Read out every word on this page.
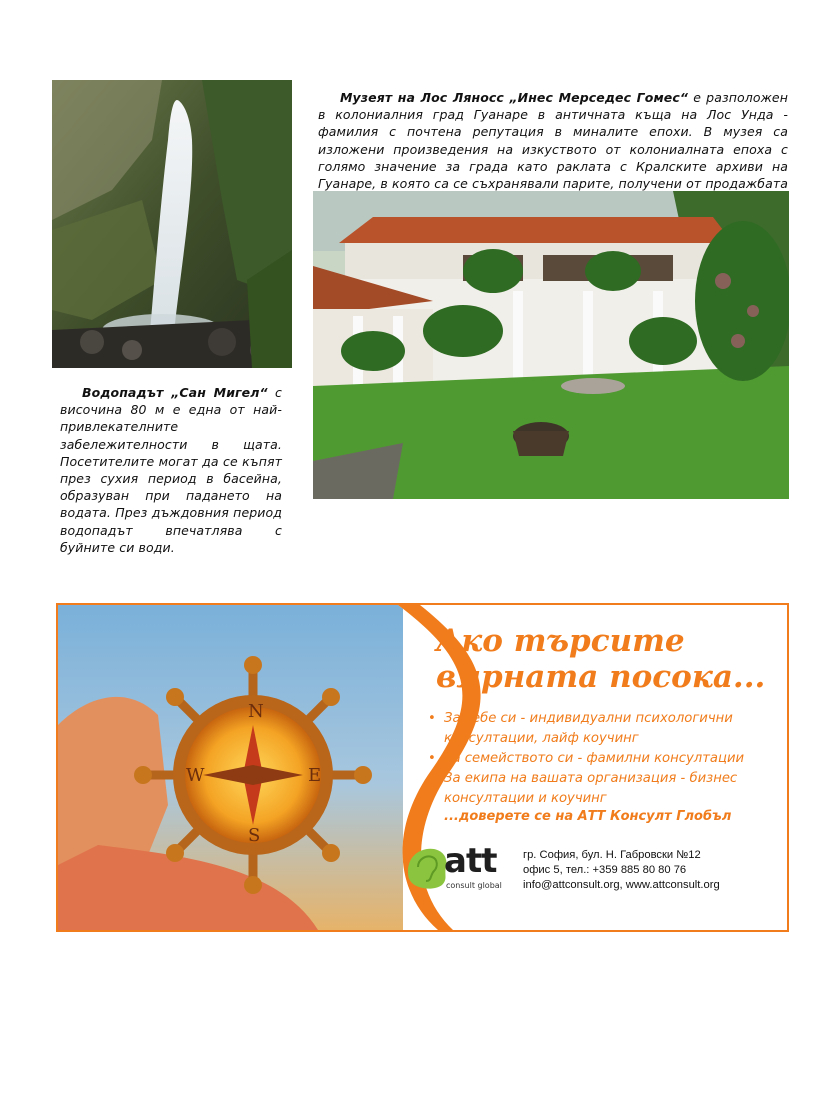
Водопадът „Сан Мигел“ с височина 80 м е една от най-привлекателните забележителности в щата. Посетителите могат да се къпят през сухия период в басейна, образуван при падането на водата. През дъждовния период водопадът впечатлява с буйните си води.
Музеят на Лос Ляносс „Инес Мерседес Гомес“ е разположен в колониалния град Гуанаре в античната къща на Лос Унда - фамилия с почтена репутация в миналите епохи. В музея са изложени произведения на изкуството от колониалната епоха с голямо значение за града като раклата с Кралските архиви на Гуанаре, в която са се съхранявали парите, получени от продажбата
N
E
S
W
Ако търсите
вярната посока...
• За себе си - индивидуални психологични консултации, лайф коучинг
• За семейството си - фамилни консултации
• За екипа на вашата организация - бизнес консултации и коучинг
...доверете се на АТТ Консулт Глобъл
att
consult global
гр. София, бул. Н. Габровски №12
офис 5, тел.: +359 885 80 80 76
info@attconsult.org, www.attconsult.org
